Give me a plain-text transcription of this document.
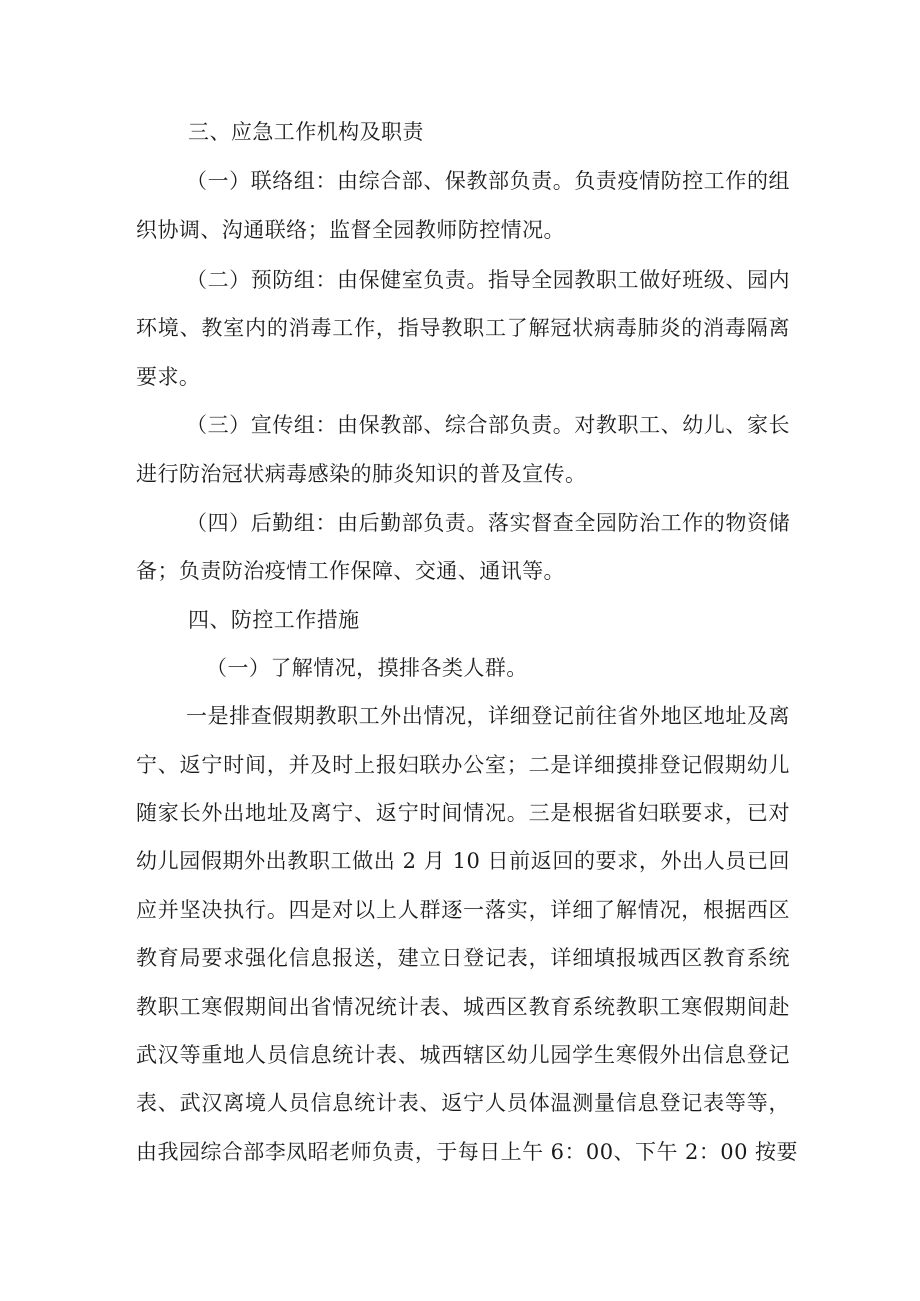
三、应急工作机构及职责
（一）联络组：由综合部、保教部负责。负责疫情防控工作的组
织协调、沟通联络；监督全园教师防控情况。
（二）预防组：由保健室负责。指导全园教职工做好班级、园内
环境、教室内的消毒工作，指导教职工了解冠状病毒肺炎的消毒隔离
要求。
（三）宣传组：由保教部、综合部负责。对教职工、幼儿、家长
进行防治冠状病毒感染的肺炎知识的普及宣传。
（四）后勤组：由后勤部负责。落实督查全园防治工作的物资储
备；负责防治疫情工作保障、交通、通讯等。
四、防控工作措施
（一）了解情况，摸排各类人群。
一是排查假期教职工外出情况，详细登记前往省外地区地址及离
宁、返宁时间，并及时上报妇联办公室；二是详细摸排登记假期幼儿
随家长外出地址及离宁、返宁时间情况。三是根据省妇联要求，已对
幼儿园假期外出教职工做出 2 月 10 日前返回的要求，外出人员已回
应并坚决执行。四是对以上人群逐一落实，详细了解情况，根据西区
教育局要求强化信息报送，建立日登记表，详细填报城西区教育系统
教职工寒假期间出省情况统计表、城西区教育系统教职工寒假期间赴
武汉等重地人员信息统计表、城西辖区幼儿园学生寒假外出信息登记
表、武汉离境人员信息统计表、返宁人员体温测量信息登记表等等，
由我园综合部李凤昭老师负责，于每日上午 6：00、下午 2：00 按要
